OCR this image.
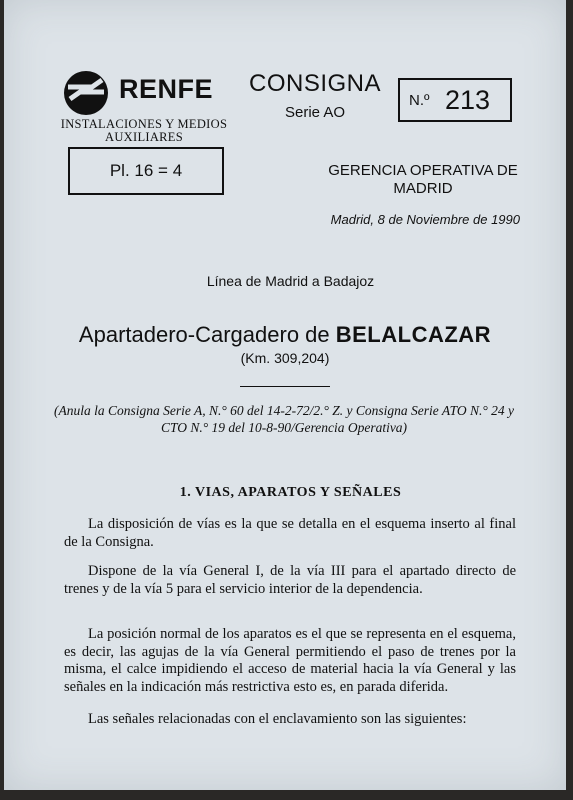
RENFE
INSTALACIONES Y MEDIOS AUXILIARES
Pl. 16 = 4
CONSIGNA
Serie AO
N.º 213
GERENCIA OPERATIVA DE MADRID
Madrid, 8 de Noviembre de 1990
Línea de Madrid a Badajoz
Apartadero-Cargadero de BELALCAZAR
(Km. 309,204)
(Anula la Consigna Serie A, N.° 60 del 14-2-72/2.° Z. y Consigna Serie ATO N.° 24 y CTO N.° 19 del 10-8-90/Gerencia Operativa)
1. VIAS, APARATOS Y SEÑALES
La disposición de vías es la que se detalla en el esquema inserto al final de la Consigna.
Dispone de la vía General I, de la vía III para el apartado directo de trenes y de la vía 5 para el servicio interior de la dependencia.
La posición normal de los aparatos es el que se representa en el esquema, es decir, las agujas de la vía General permitiendo el paso de trenes por la misma, el calce impidiendo el acceso de material hacia la vía General y las señales en la indicación más restrictiva esto es, en parada diferida.
Las señales relacionadas con el enclavamiento son las siguientes:
